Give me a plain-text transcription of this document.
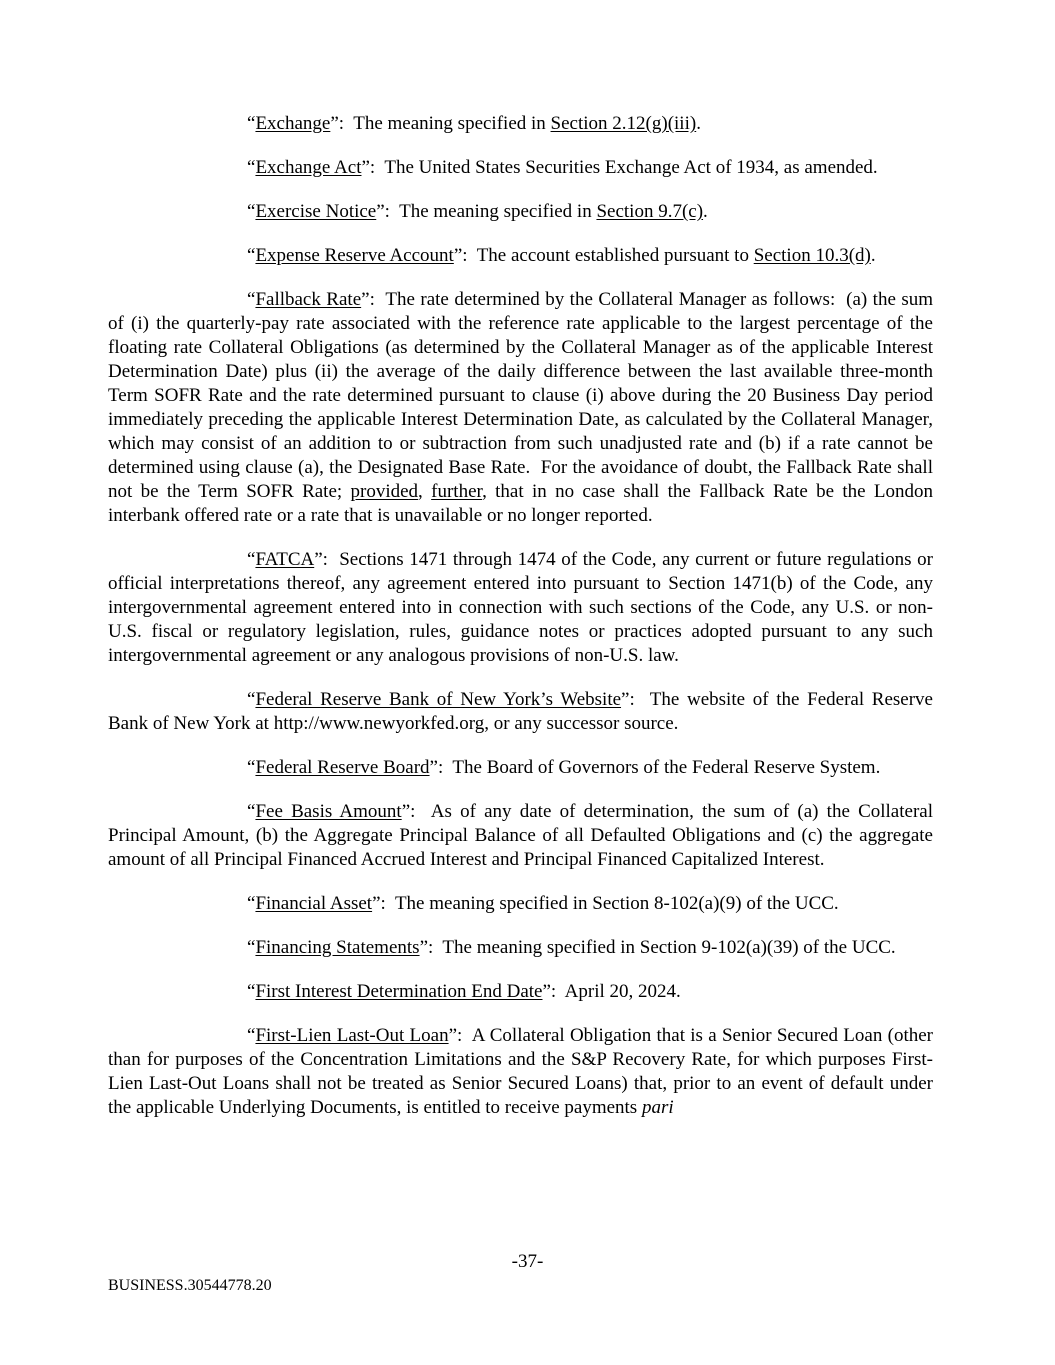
“Exchange”:  The meaning specified in Section 2.12(g)(iii).

“Exchange Act”:  The United States Securities Exchange Act of 1934, as amended.

“Exercise Notice”:  The meaning specified in Section 9.7(c).

“Expense Reserve Account”:  The account established pursuant to Section 10.3(d).

“Fallback Rate”:  The rate determined by the Collateral Manager as follows:  (a) the sum of (i) the quarterly-pay rate associated with the reference rate applicable to the largest percentage of the floating rate Collateral Obligations (as determined by the Collateral Manager as of the applicable Interest Determination Date) plus (ii) the average of the daily difference between the last available three-month Term SOFR Rate and the rate determined pursuant to clause (i) above during the 20 Business Day period immediately preceding the applicable Interest Determination Date, as calculated by the Collateral Manager, which may consist of an addition to or subtraction from such unadjusted rate and (b) if a rate cannot be determined using clause (a), the Designated Base Rate.  For the avoidance of doubt, the Fallback Rate shall not be the Term SOFR Rate; provided, further, that in no case shall the Fallback Rate be the London interbank offered rate or a rate that is unavailable or no longer reported.

“FATCA”:  Sections 1471 through 1474 of the Code, any current or future regulations or official interpretations thereof, any agreement entered into pursuant to Section 1471(b) of the Code, any intergovernmental agreement entered into in connection with such sections of the Code, any U.S. or non-U.S. fiscal or regulatory legislation, rules, guidance notes or practices adopted pursuant to any such intergovernmental agreement or any analogous provisions of non-U.S. law.

“Federal Reserve Bank of New York’s Website”:  The website of the Federal Reserve Bank of New York at http://www.newyorkfed.org, or any successor source.

“Federal Reserve Board”:  The Board of Governors of the Federal Reserve System.

“Fee Basis Amount”:  As of any date of determination, the sum of (a) the Collateral Principal Amount, (b) the Aggregate Principal Balance of all Defaulted Obligations and (c) the aggregate amount of all Principal Financed Accrued Interest and Principal Financed Capitalized Interest.

“Financial Asset”:  The meaning specified in Section 8-102(a)(9) of the UCC.

“Financing Statements”:  The meaning specified in Section 9-102(a)(39) of the UCC.

“First Interest Determination End Date”:  April 20, 2024.

“First-Lien Last-Out Loan”:  A Collateral Obligation that is a Senior Secured Loan (other than for purposes of the Concentration Limitations and the S&P Recovery Rate, for which purposes First-Lien Last-Out Loans shall not be treated as Senior Secured Loans) that, prior to an event of default under the applicable Underlying Documents, is entitled to receive payments pari

-37-
BUSINESS.30544778.20
